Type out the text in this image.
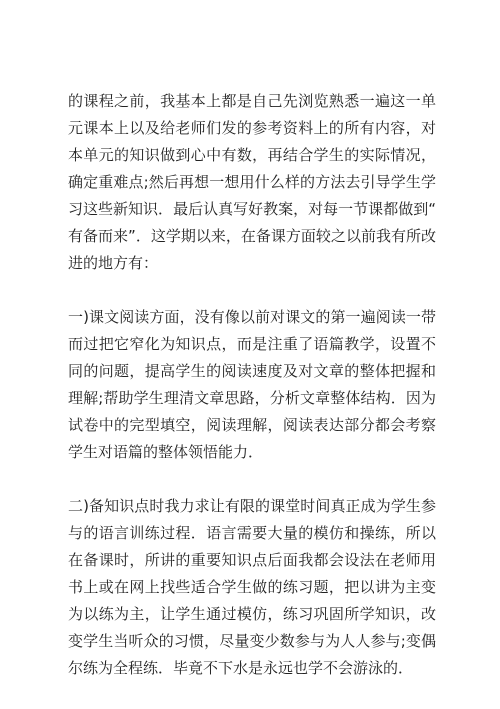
的课程之前，我基本上都是自己先浏览熟悉一遍这一单元课本上以及给老师们发的参考资料上的所有内容，对本单元的知识做到心中有数，再结合学生的实际情况，确定重难点;然后再想一想用什么样的方法去引导学生学习这些新知识．最后认真写好教案，对每一节课都做到“有备而来”．这学期以来，在备课方面较之以前我有所改进的地方有：

一)课文阅读方面，没有像以前对课文的第一遍阅读一带而过把它窄化为知识点，而是注重了语篇教学，设置不同的问题，提高学生的阅读速度及对文章的整体把握和理解;帮助学生理清文章思路，分析文章整体结构．因为试卷中的完型填空，阅读理解，阅读表达部分都会考察学生对语篇的整体领悟能力．

二)备知识点时我力求让有限的课堂时间真正成为学生参与的语言训练过程．语言需要大量的模仿和操练，所以在备课时，所讲的重要知识点后面我都会设法在老师用书上或在网上找些适合学生做的练习题，把以讲为主变为以练为主，让学生通过模仿，练习巩固所学知识，改变学生当听众的习惯，尽量变少数参与为人人参与;变偶尔练为全程练．毕竟不下水是永远也学不会游泳的．
